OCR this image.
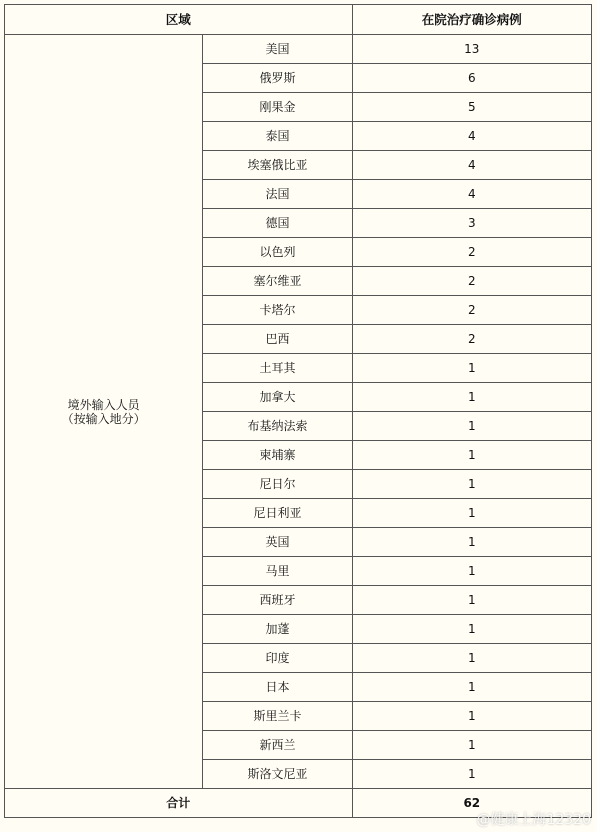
区域		在院治疗确诊病例

境外输入人员
（按输入地分）	美国	13
	俄罗斯	6
	刚果金	5
	泰国	4
	埃塞俄比亚	4
	法国	4
	德国	3
	以色列	2
	塞尔维亚	2
	卡塔尔	2
	巴西	2
	土耳其	1
	加拿大	1
	布基纳法索	1
	柬埔寨	1
	尼日尔	1
	尼日利亚	1
	英国	1
	马里	1
	西班牙	1
	加蓬	1
	印度	1
	日本	1
	斯里兰卡	1
	新西兰	1
	斯洛文尼亚	1
合计		62
@健康上海12320
